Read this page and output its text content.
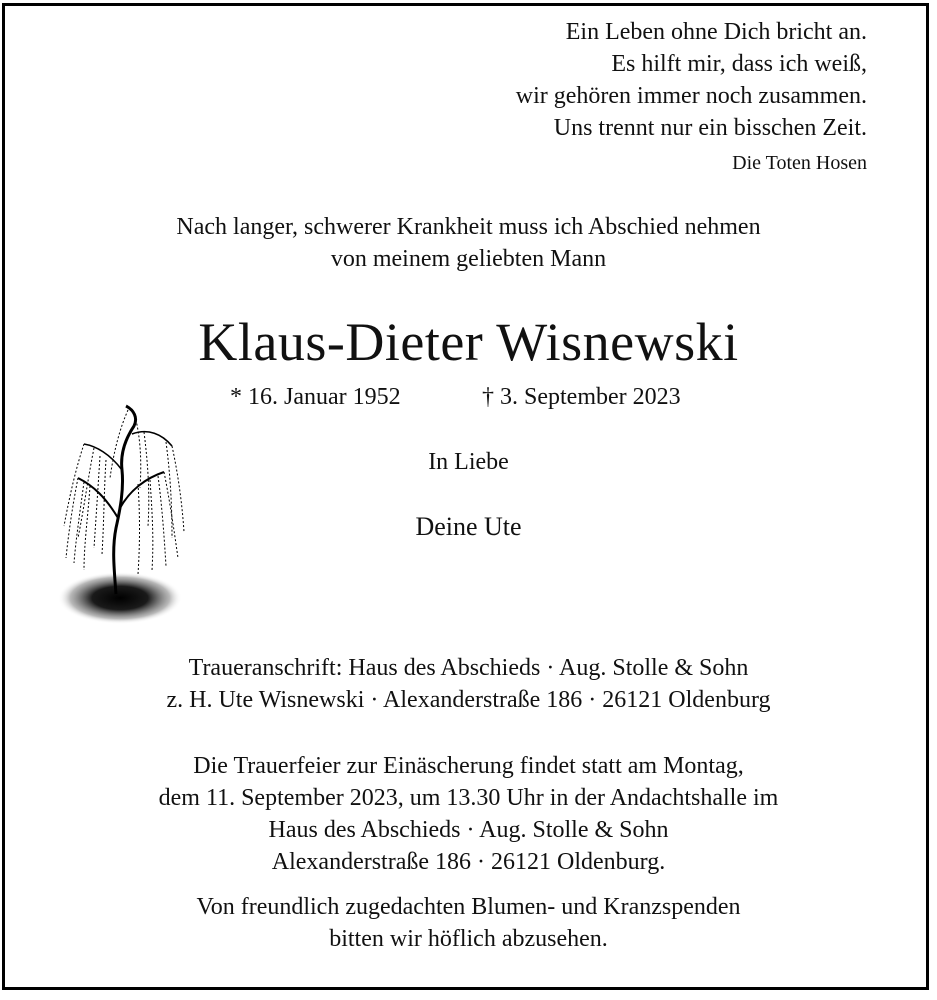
Ein Leben ohne Dich bricht an.
Es hilft mir, dass ich weiß,
wir gehören immer noch zusammen.
Uns trennt nur ein bisschen Zeit.
Die Toten Hosen
Nach langer, schwerer Krankheit muss ich Abschied nehmen
von meinem geliebten Mann
Klaus-Dieter Wisnewski
* 16. Januar 1952	† 3. September 2023
In Liebe
Deine Ute
Traueranschrift: Haus des Abschieds · Aug. Stolle & Sohn
z. H. Ute Wisnewski · Alexanderstraße 186 · 26121 Oldenburg
Die Trauerfeier zur Einäscherung findet statt am Montag,
dem 11. September 2023, um 13.30 Uhr in der Andachtshalle im
Haus des Abschieds · Aug. Stolle & Sohn
Alexanderstraße 186 · 26121 Oldenburg.
Von freundlich zugedachten Blumen- und Kranzspenden
bitten wir höflich abzusehen.
